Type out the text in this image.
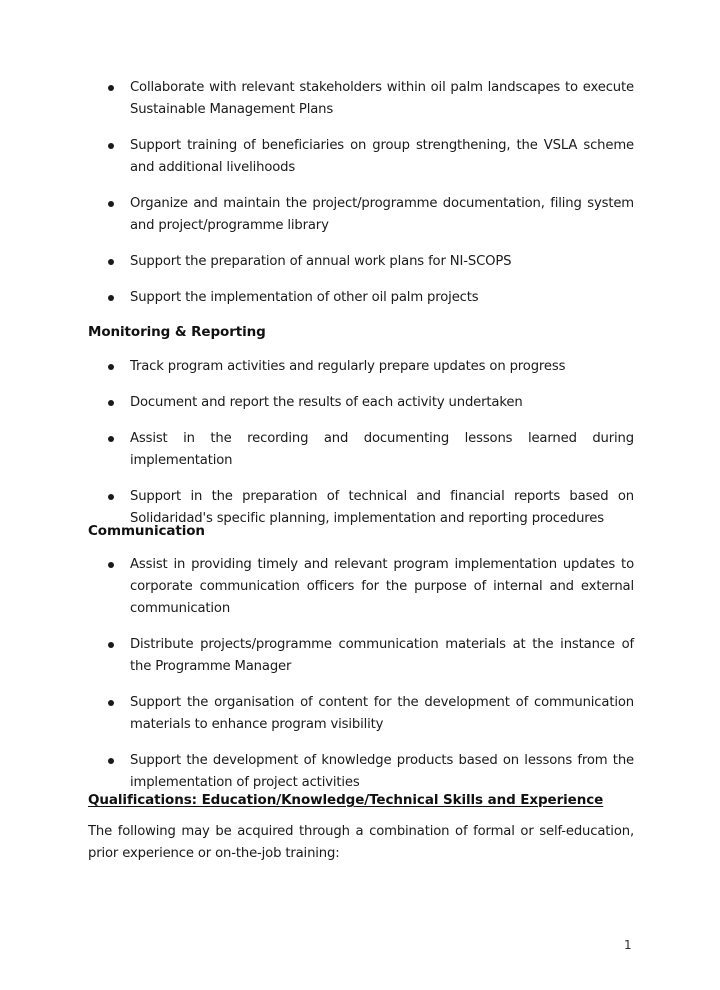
Collaborate with relevant stakeholders within oil palm landscapes to execute Sustainable Management Plans
Support training of beneficiaries on group strengthening, the VSLA scheme and additional livelihoods
Organize and maintain the project/programme documentation, filing system and project/programme library
Support the preparation of annual work plans for NI-SCOPS
Support the implementation of other oil palm projects
Monitoring & Reporting
Track program activities and regularly prepare updates on progress
Document and report the results of each activity undertaken
Assist in the recording and documenting lessons learned during implementation
Support in the preparation of technical and financial reports based on Solidaridad's specific planning, implementation and reporting procedures
Communication
Assist in providing timely and relevant program implementation updates to corporate communication officers for the purpose of internal and external communication
Distribute projects/programme communication materials at the instance of the Programme Manager
Support the organisation of content for the development of communication materials to enhance program visibility
Support the development of knowledge products based on lessons from the implementation of project activities
Qualifications: Education/Knowledge/Technical Skills and Experience
The following may be acquired through a combination of formal or self-education, prior experience or on-the-job training:
1
